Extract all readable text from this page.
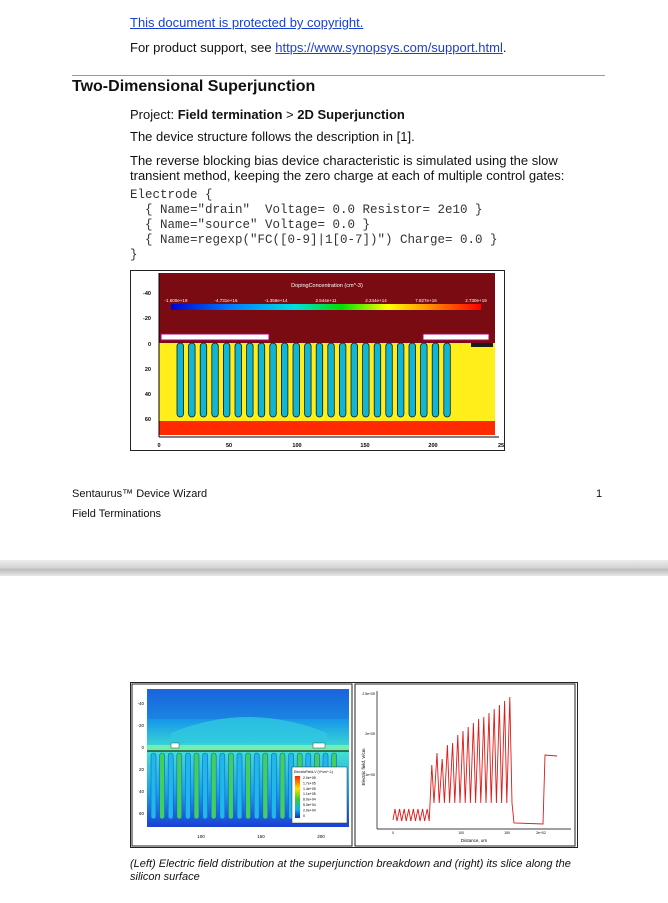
This document is protected by copyright.
For product support, see https://www.synopsys.com/support.html.
Two-Dimensional Superjunction
Project: Field termination > 2D Superjunction
The device structure follows the description in [1].
The reverse blocking bias device characteristic is simulated using the slow
transient method, keeping the zero charge at each of multiple control gates:
Electrode {
{ Name="drain"  Voltage= 0.0 Resistor= 2e10 }
{ Name="source" Voltage= 0.0 }
{ Name=regexp("FC([0-9]|1[0-7])") Charge= 0.0 }
}
DopingConcentration (cm^-3)
-1.600e+19	-4.731e+16	-1.356e+14	2.544e+11	2.244e+14	7.827e+16	2.730e+19
-40
-20
0
20
40
60
0	50	100	150	200	25
Sentaurus™ Device Wizard	1
Field Terminations
ElectricField-V (V*cm^-1)
2.0e+05
1.7e+05
1.4e+05
1.1e+05
8.0e+04
5.0e+04
2.0e+04
0
-40
-20
0
20
40
60
100	150	200
Electric field, V/cm
Distance, um
2.5e+05
2e+05
1e+05
0	100	150	2e+02
(Left) Electric field distribution at the superjunction breakdown and (right) its slice along the silicon surface
